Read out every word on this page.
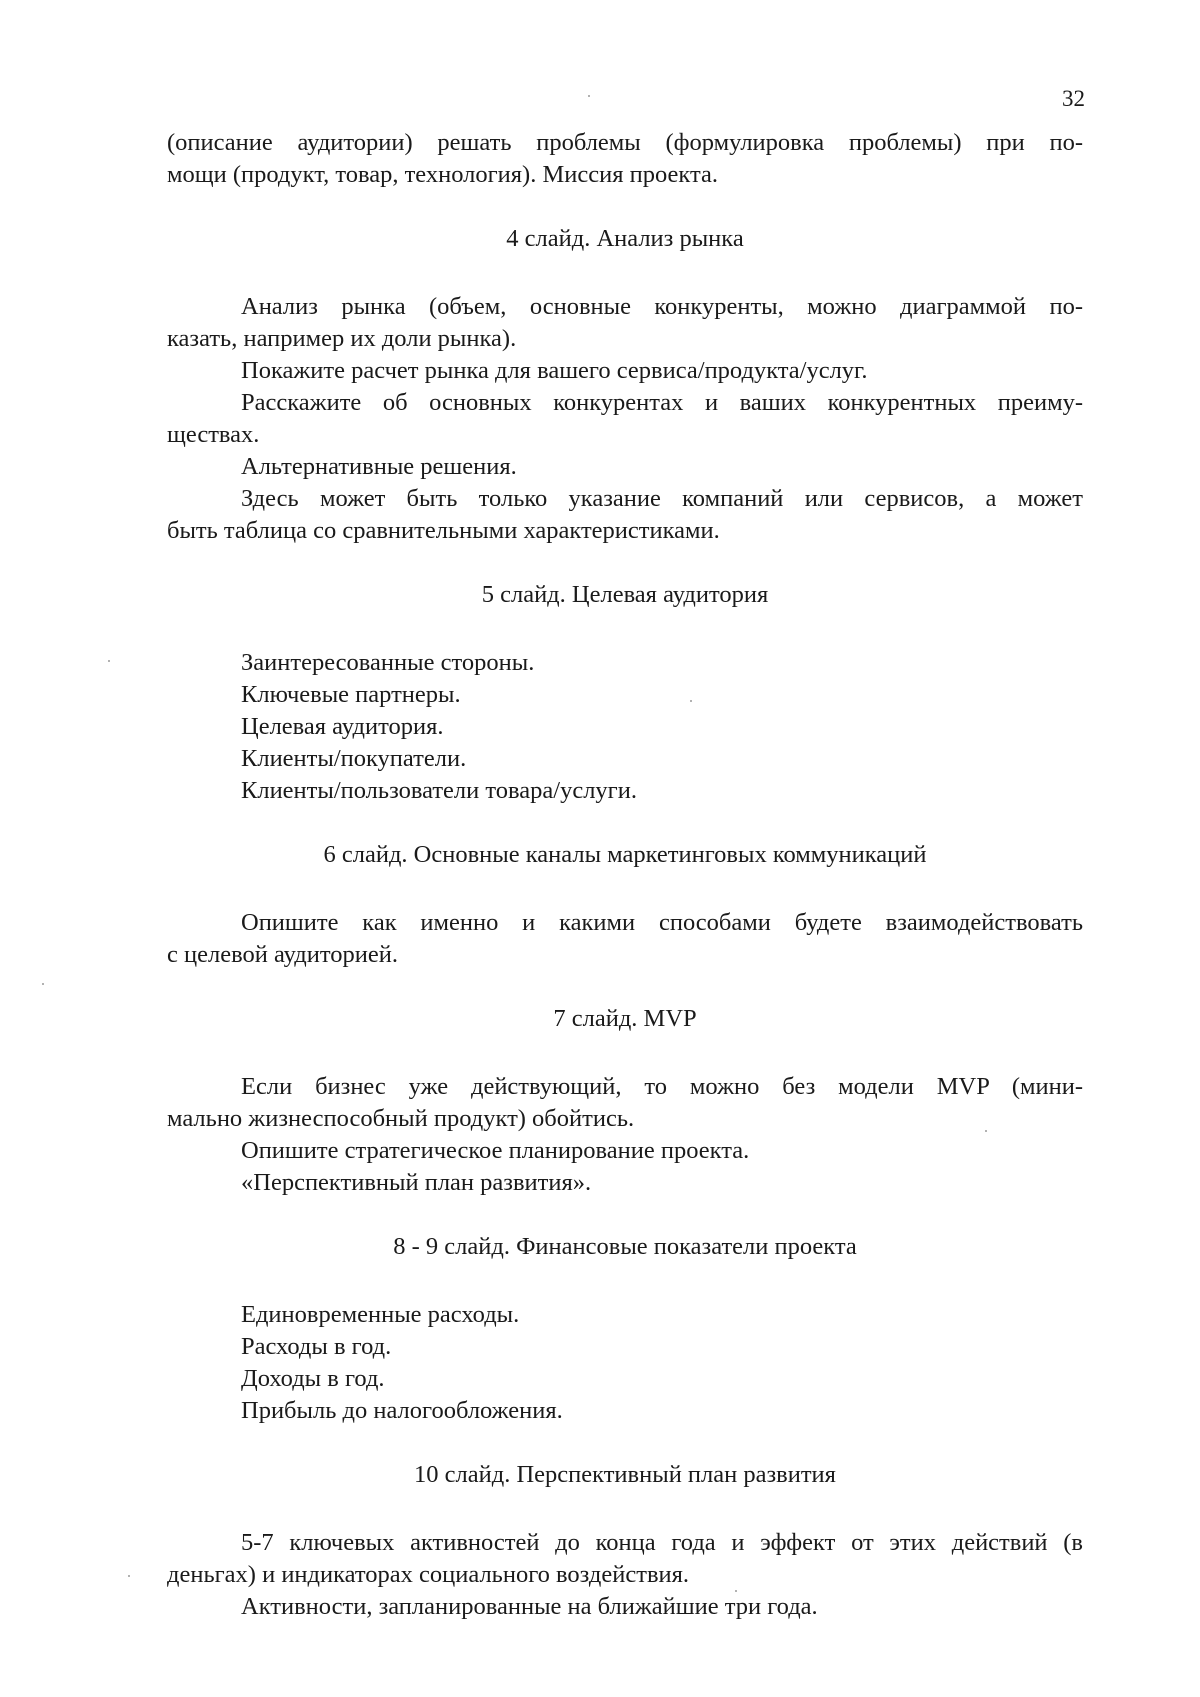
32
(описание аудитории) решать проблемы (формулировка проблемы) при по-
мощи (продукт, товар, технология). Миссия проекта.
4 слайд. Анализ рынка
Анализ рынка (объем, основные конкуренты, можно диаграммой по-
казать, например их доли рынка).
Покажите расчет рынка для вашего сервиса/продукта/услуг.
Расскажите об основных конкурентах и ваших конкурентных преиму-
ществах.
Альтернативные решения.
Здесь может быть только указание компаний или сервисов, а может
быть таблица со сравнительными характеристиками.
5 слайд. Целевая аудитория
Заинтересованные стороны.
Ключевые партнеры.
Целевая аудитория.
Клиенты/покупатели.
Клиенты/пользователи товара/услуги.
6 слайд. Основные каналы маркетинговых коммуникаций
Опишите как именно и какими способами будете взаимодействовать
с целевой аудиторией.
7 слайд. MVP
Если бизнес уже действующий, то можно без модели MVP (мини-
мально жизнеспособный продукт) обойтись.
Опишите стратегическое планирование проекта.
«Перспективный план развития».
8 - 9 слайд. Финансовые показатели проекта
Единовременные расходы.
Расходы в год.
Доходы в год.
Прибыль до налогообложения.
10 слайд. Перспективный план развития
5-7 ключевых активностей до конца года и эффект от этих действий (в
деньгах) и индикаторах социального воздействия.
Активности, запланированные на ближайшие три года.
